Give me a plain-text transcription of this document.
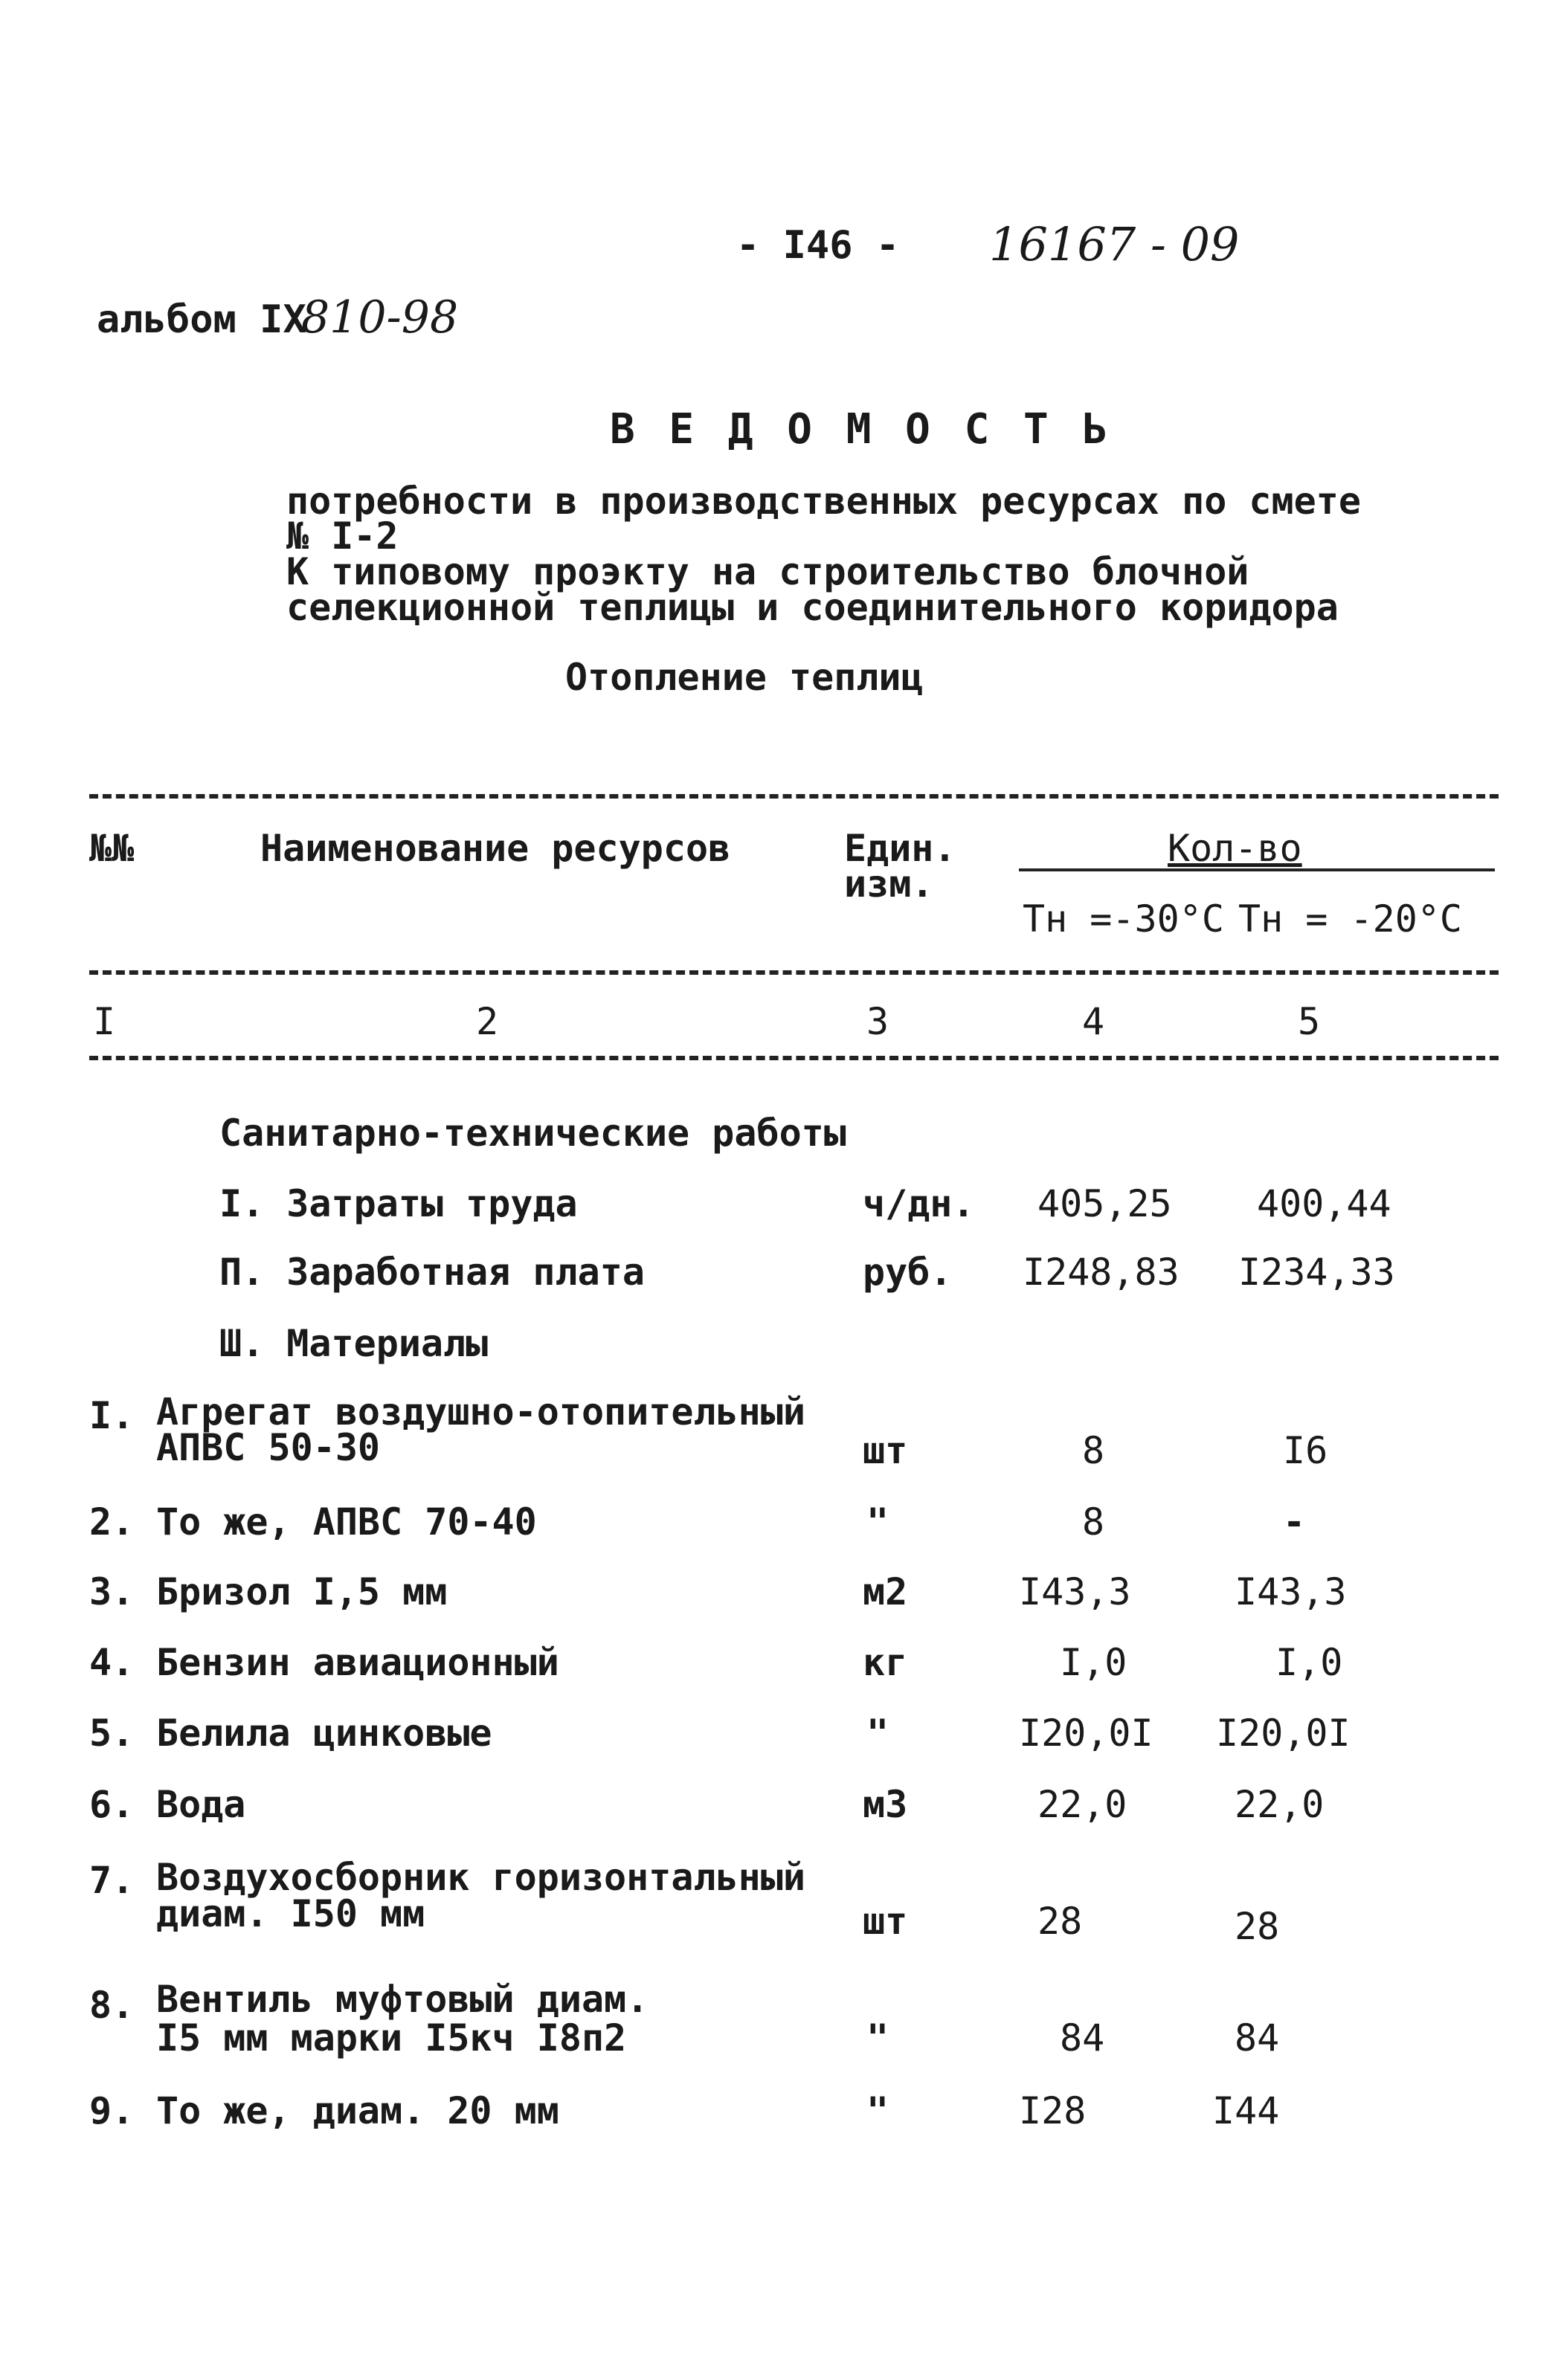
- I46 - 16167 - 09
альбом IX
810-98
В Е Д О М О С Т Ь
потребности в производственных ресурсах по смете
№ I-2
К типовому проэкту на строительство блочной
селекционной теплицы и соединительного коридора
Отопление теплиц
№№	Наименование ресурсов	Един.
изм.
Кол-во
Тн =-30°С Тн = -20°С
I	2	3	4	5
Санитарно-технические работы
I. Затраты труда	ч/дн. 405,25 400,44
П. Заработная плата	руб. I248,83 I234,33
Ш. Материалы
I. Агрегат воздушно-отопительный
АПВС 50-30	шт	8	I6
2. То же, АПВС 70-40	"	8	-
3. Бризол I,5 мм	м2	I43,3	I43,3
4. Бензин авиационный	кг	I,0	I,0
5. Белила цинковые	"	I20,0I I20,0I
6. Вода	м3	22,0	22,0
7. Воздухосборник горизонтальный
диам. I50 мм	шт	28	28
8. Вентиль муфтовый диам.
I5 мм марки I5кч I8п2	"	84	84
9. То же, диам. 20 мм	"	I28	I44
